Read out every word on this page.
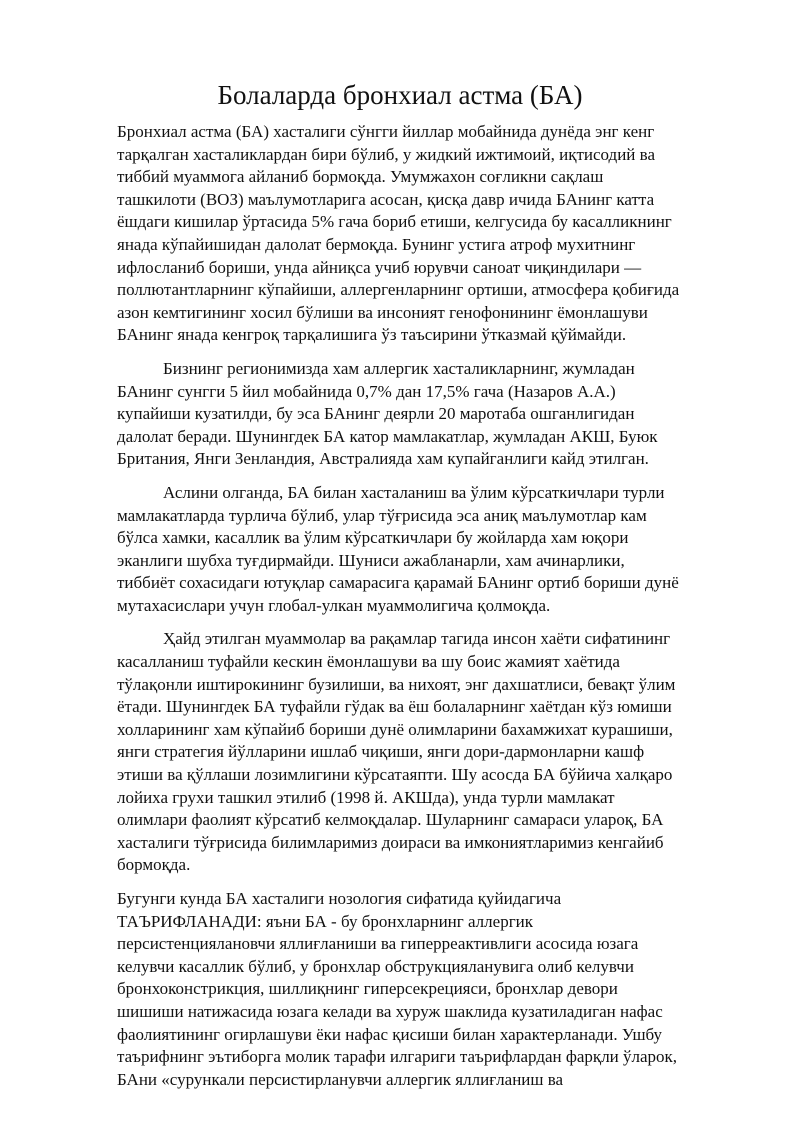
Болаларда бронхиал астма (БА)

Бронхиал астма (БА) хасталиги сўнгги йиллар мобайнида дунёда энг кенг
тарқалган хасталиклардан бири бўлиб, у жидкий ижтимоий, иқтисодий ва
тиббий муаммога айланиб бормоқда. Умумжахон соғликни сақлаш
ташкилоти (ВОЗ) маълумотларига асосан, қисқа давр ичида БАнинг катта
ёшдаги кишилар ўртасида 5% гача бориб етиши, келгусида бу касалликнинг
янада кўпайишидан далолат бермоқда. Бунинг устига атроф мухитнинг
ифлосланиб бориши, унда айниқса учиб юрувчи саноат чиқиндилари —
поллютантларнинг кўпайиши, аллергенларнинг ортиши, атмосфера қобиғида
азон кемтигининг хосил бўлиши ва инсоният генофонининг ёмонлашуви
БАнинг янада кенгроқ тарқалишига ўз таъсирини ўтказмай қўймайди.

Бизнинг регионимизда хам аллергик хасталикларнинг, жумладан
БАнинг сунгги 5 йил мобайнида 0,7% дан 17,5% гача (Назаров А.А.)
купайиши кузатилди, бу эса БАнинг деярли 20 маротаба ошганлигидан
далолат беради. Шунингдек БА катор мамлакатлар, жумладан АКШ, Буюк
Британия, Янги Зенландия, Австралияда хам купайганлиги кайд этилган.

Аслини олганда, БА билан хасталаниш ва ўлим кўрсаткичлари турли
мамлакатларда турлича бўлиб, улар тўғрисида эса аниқ маълумотлар кам
бўлса хамки, касаллик ва ўлим кўрсаткичлари бу жойларда хам юқори
эканлиги шубха туғдирмайди. Шуниси ажабланарли, хам ачинарлики,
тиббиёт сохасидаги ютуқлар самарасига қарамай БАнинг ортиб бориши дунё
мутахасислари учун глобал-улкан муаммолигича қолмоқда.

Ҳайд этилган муаммолар ва рақамлар тагида инсон хаёти сифатининг
касалланиш туфайли кескин ёмонлашуви ва шу боис жамият хаётида
тўлақонли иштирокининг бузилиши, ва нихоят, энг дахшатлиси, бевақт ўлим
ётади. Шунингдек БА туфайли гўдак ва ёш болаларнинг хаётдан кўз юмиши
холларининг хам кўпайиб бориши дунё олимларини бахамжихат курашиши,
янги стратегия йўлларини ишлаб чиқиши, янги дори-дармонларни кашф
этиши ва қўллаши лозимлигини кўрсатаяпти. Шу асосда БА бўйича халқаро
лойиха грухи ташкил этилиб (1998 й. АКШда), унда турли мамлакат
олимлари фаолият кўрсатиб келмоқдалар. Шуларнинг самараси улароқ, БА
хасталиги тўғрисида билимларимиз доираси ва имкониятларимиз кенгайиб
бормоқда.

Бугунги кунда БА хасталиги нозология сифатида қуйидагича
ТАЪРИФЛАНАДИ: яъни БА - бу бронхларнинг аллергик
персистенциялановчи яллиғланиши ва гиперреактивлиги асосида юзага
келувчи касаллик бўлиб, у бронхлар обструкцияланувига олиб келувчи
бронхоконстрикция, шиллиқнинг гиперсекрецияси, бронхлар девори
шишиши натижасида юзага келади ва хуруж шаклида кузатиладиган нафас
фаолиятининг огирлашуви ёки нафас қисиши билан характерланади. Ушбу
таърифнинг эътиборга молик тарафи илгариги таърифлардан фарқли ўларок,
БАни «сурункали персистирланувчи аллергик яллиғланиш ва
